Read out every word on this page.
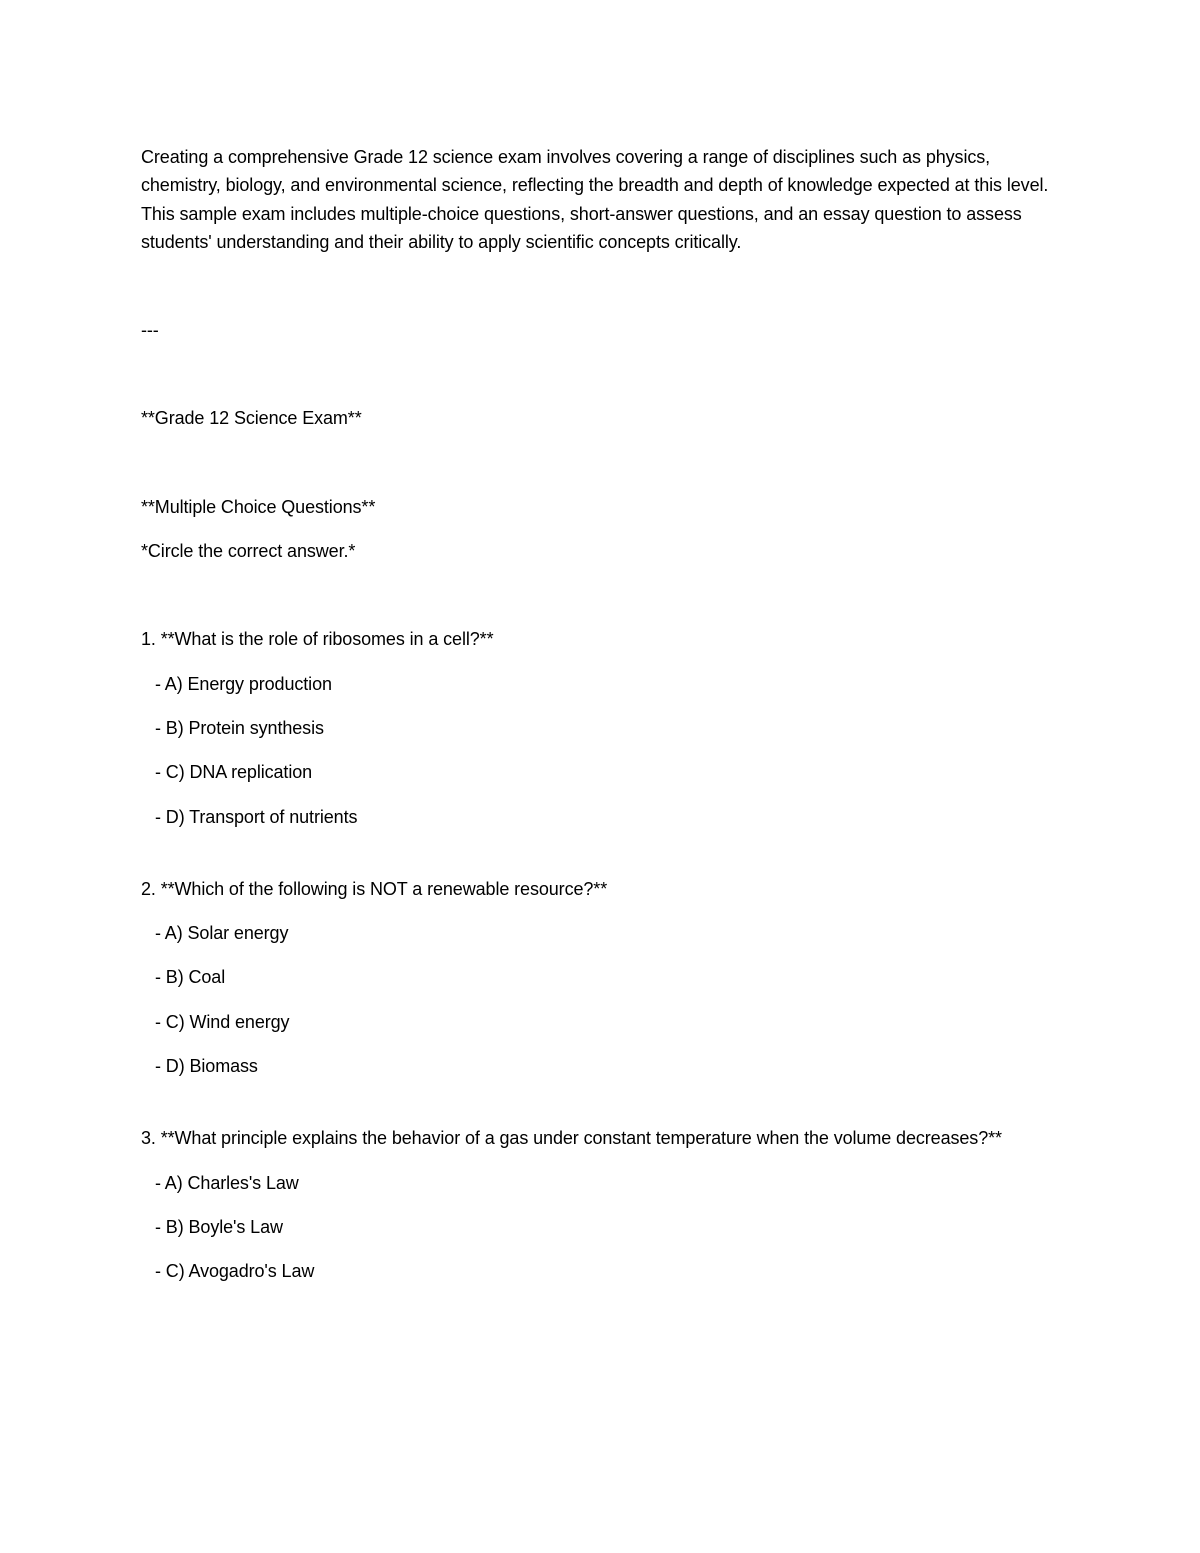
Creating a comprehensive Grade 12 science exam involves covering a range of disciplines such as physics, chemistry, biology, and environmental science, reflecting the breadth and depth of knowledge expected at this level. This sample exam includes multiple-choice questions, short-answer questions, and an essay question to assess students' understanding and their ability to apply scientific concepts critically.

---

**Grade 12 Science Exam**

**Multiple Choice Questions**

*Circle the correct answer.*

1. **What is the role of ribosomes in a cell?**

- A) Energy production

- B) Protein synthesis

- C) DNA replication

- D) Transport of nutrients

2. **Which of the following is NOT a renewable resource?**

- A) Solar energy

- B) Coal

- C) Wind energy

- D) Biomass

3. **What principle explains the behavior of a gas under constant temperature when the volume decreases?**

- A) Charles's Law

- B) Boyle's Law

- C) Avogadro's Law
